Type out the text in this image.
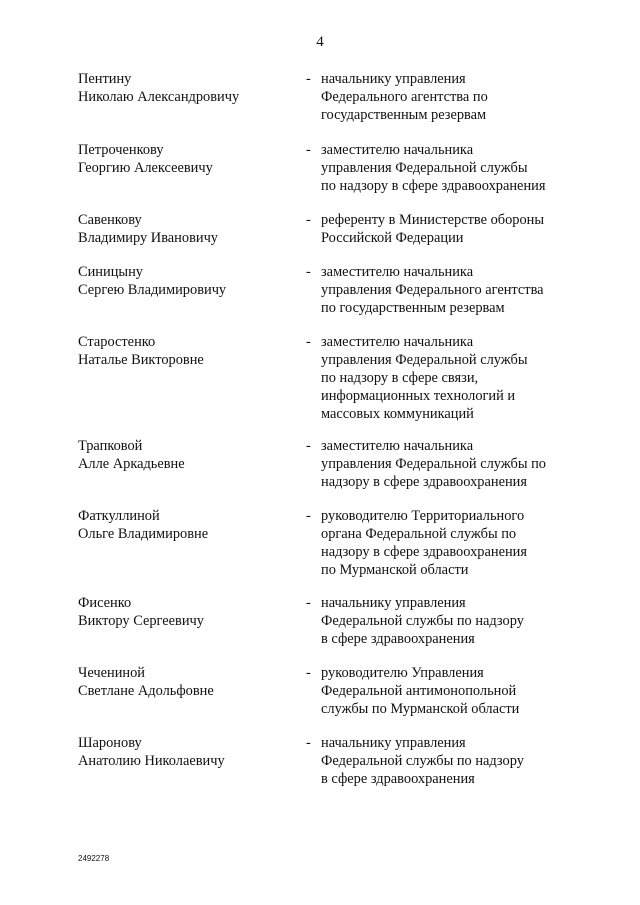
4
Пентину
Николаю Александровичу
- начальнику управления
Федерального агентства по
государственным резервам
Петроченкову
Георгию Алексеевичу
- заместителю начальника
управления Федеральной службы
по надзору в сфере здравоохранения
Савенкову
Владимиру Ивановичу
- референту в Министерстве обороны
Российской Федерации
Синицыну
Сергею Владимировичу
- заместителю начальника
управления Федерального агентства
по государственным резервам
Старостенко
Наталье Викторовне
- заместителю начальника
управления Федеральной службы
по надзору в сфере связи,
информационных технологий и
массовых коммуникаций
Трапковой
Алле Аркадьевне
- заместителю начальника
управления Федеральной службы по
надзору в сфере здравоохранения
Фаткуллиной
Ольге Владимировне
- руководителю Территориального
органа Федеральной службы по
надзору в сфере здравоохранения
по Мурманской области
Фисенко
Виктору Сергеевичу
- начальнику управления
Федеральной службы по надзору
в сфере здравоохранения
Чечениной
Светлане Адольфовне
- руководителю Управления
Федеральной антимонопольной
службы по Мурманской области
Шаронову
Анатолию Николаевичу
- начальнику управления
Федеральной службы по надзору
в сфере здравоохранения
2492278
